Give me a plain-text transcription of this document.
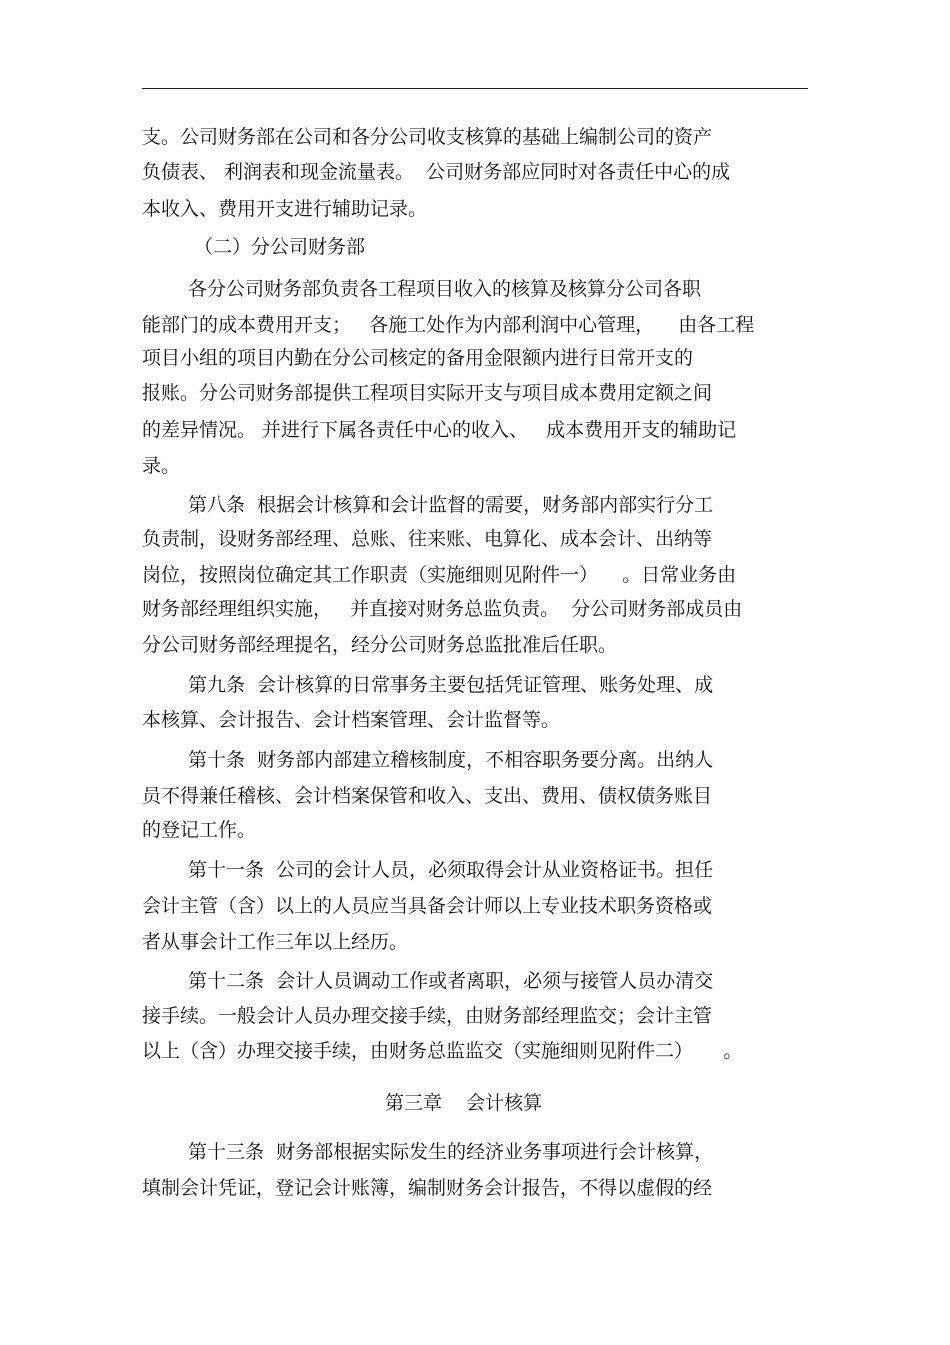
支。公司财务部在公司和各分公司收支核算的基础上编制公司的资产
负债表、 利润表和现金流量表。  公司财务部应同时对各责任中心的成
本收入、费用开支进行辅助记录。
（二）分公司财务部
各分公司财务部负责各工程项目收入的核算及核算分公司各职
能部门的成本费用开支；   各施工处作为内部利润中心管理，    由各工程
项目小组的项目内勤在分公司核定的备用金限额内进行日常开支的
报账。分公司财务部提供工程项目实际开支与项目成本费用定额之间
的差异情况。 并进行下属各责任中心的收入、   成本费用开支的辅助记
录。
第八条  根据会计核算和会计监督的需要，财务部内部实行分工
负责制，设财务部经理、总账、往来账、电算化、成本会计、出纳等
岗位，按照岗位确定其工作职责（实施细则见附件一）    。日常业务由
财务部经理组织实施，   并直接对财务总监负责。  分公司财务部成员由
分公司财务部经理提名，经分公司财务总监批准后任职。
第九条  会计核算的日常事务主要包括凭证管理、账务处理、成
本核算、会计报告、会计档案管理、会计监督等。
第十条  财务部内部建立稽核制度，不相容职务要分离。出纳人
员不得兼任稽核、会计档案保管和收入、支出、费用、债权债务账目
的登记工作。
第十一条  公司的会计人员，必须取得会计从业资格证书。担任
会计主管（含）以上的人员应当具备会计师以上专业技术职务资格或
者从事会计工作三年以上经历。
第十二条  会计人员调动工作或者离职，必须与接管人员办清交
接手续。一般会计人员办理交接手续，由财务部经理监交；会计主管
以上（含）办理交接手续，由财务总监监交（实施细则见附件二）     。
第三章    会计核算
第十三条  财务部根据实际发生的经济业务事项进行会计核算，
填制会计凭证，登记会计账簿，编制财务会计报告，不得以虚假的经
